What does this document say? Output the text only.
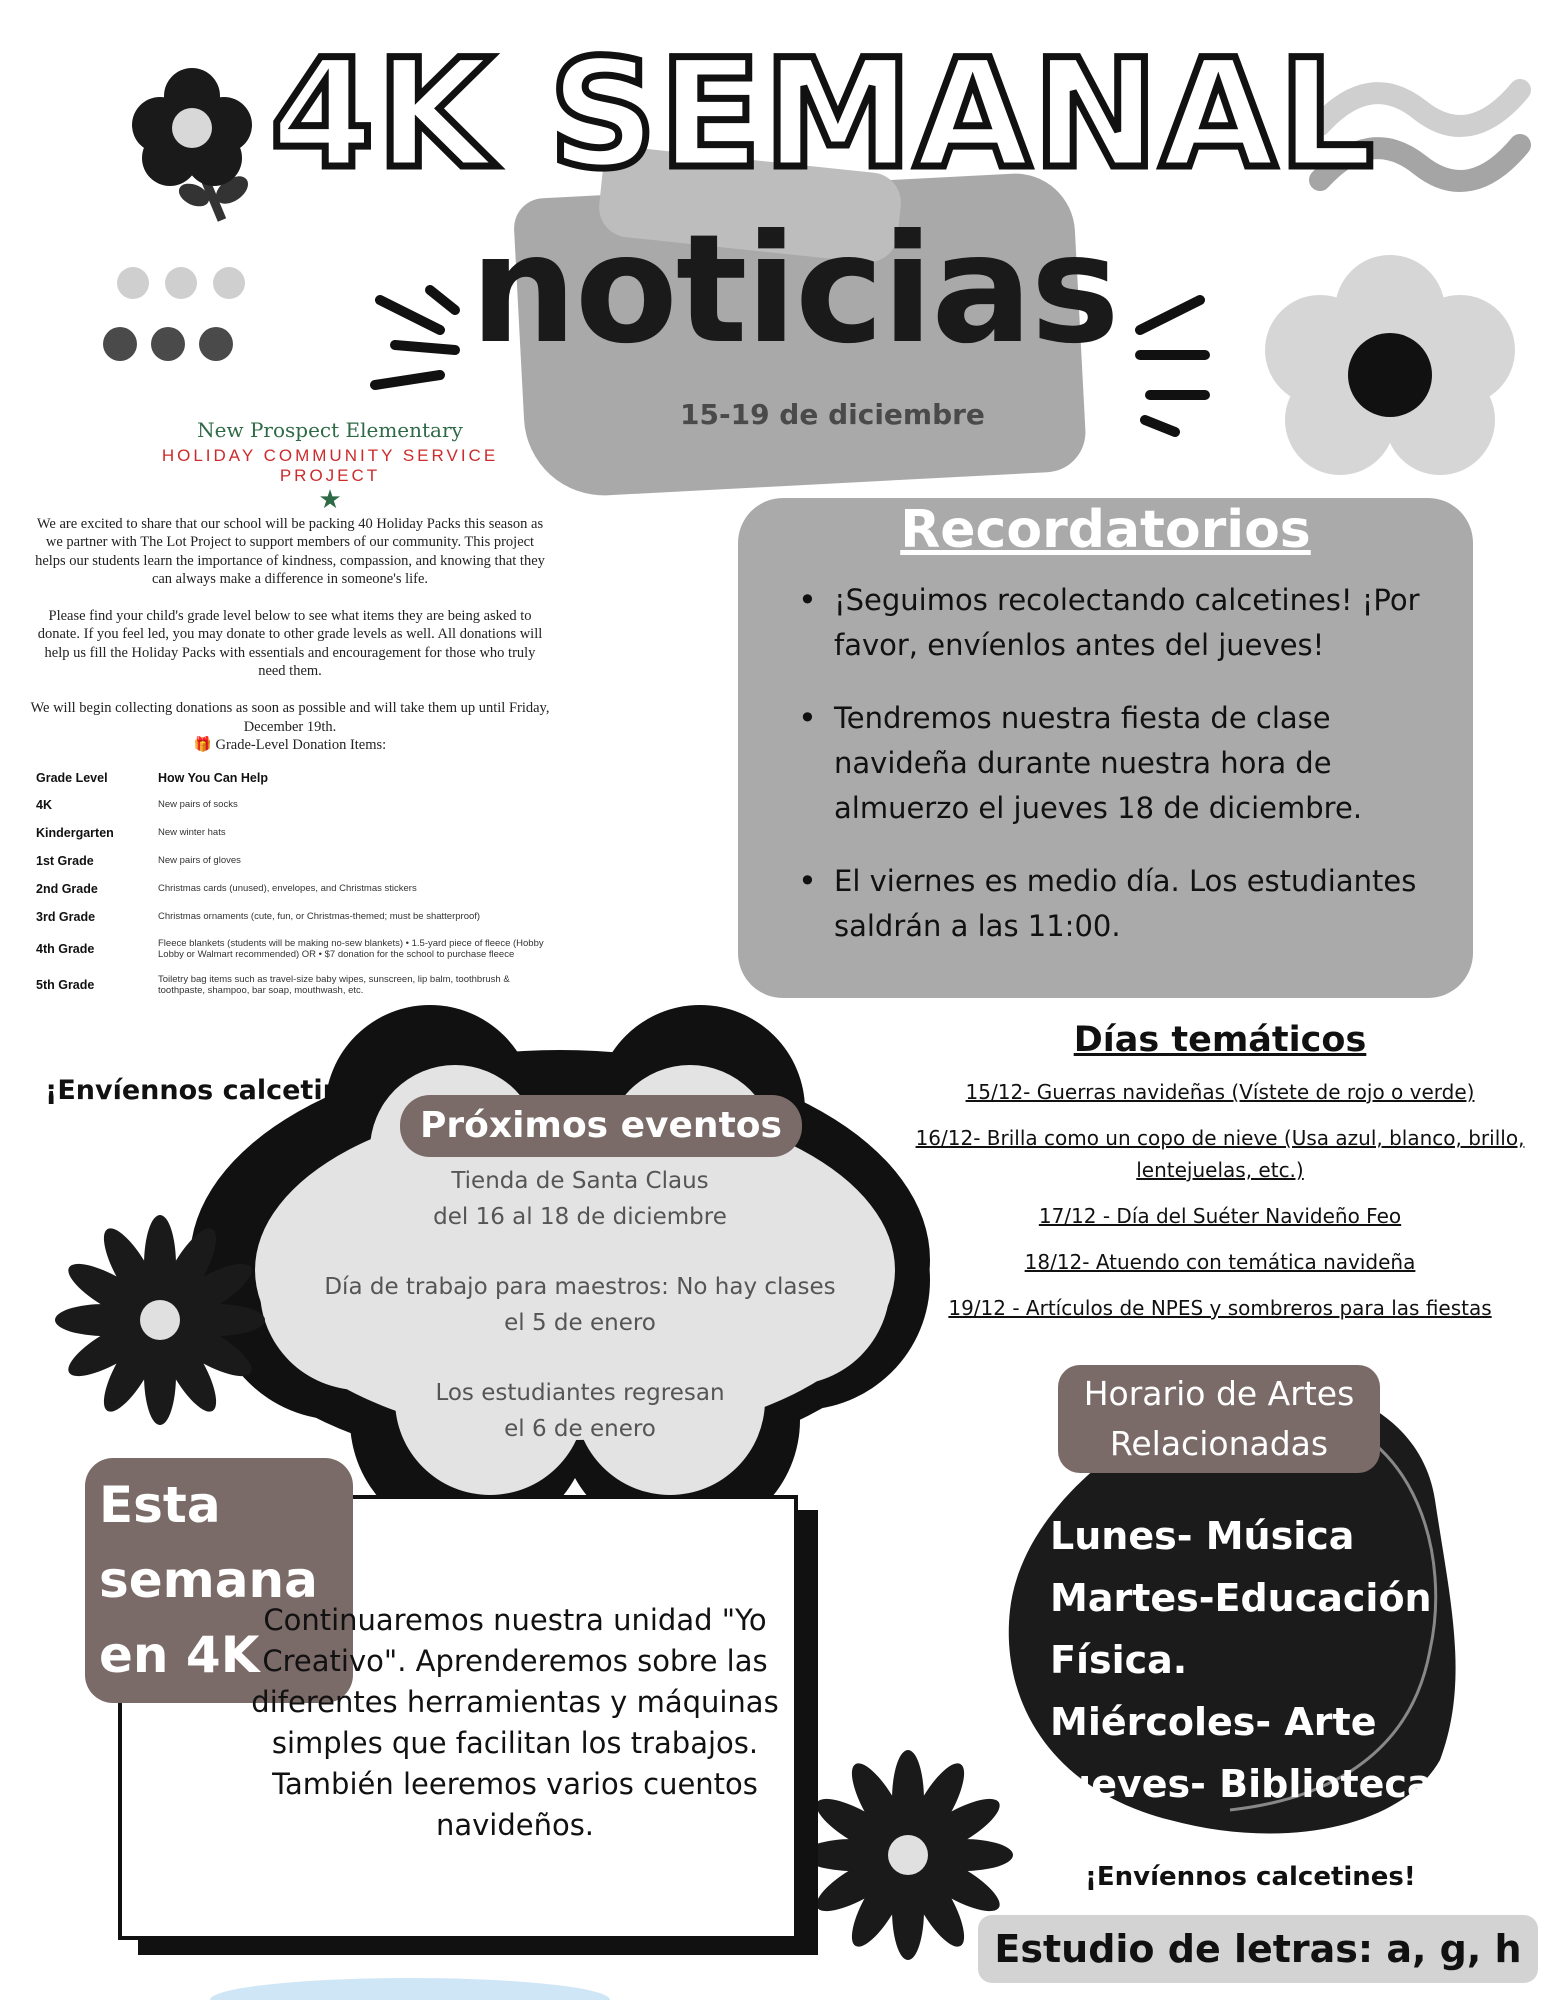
4K SEMANAL
noticias
15-19 de diciembre
New Prospect Elementary
HOLIDAY COMMUNITY SERVICE PROJECT
★

We are excited to share that our school will be packing 40 Holiday Packs this season as we partner with The Lot Project to support members of our community. This project helps our students learn the importance of kindness, compassion, and knowing that they can always make a difference in someone's life.

Please find your child's grade level below to see what items they are being asked to donate. If you feel led, you may donate to other grade levels as well. All donations will help us fill the Holiday Packs with essentials and encouragement for those who truly need them.

We will begin collecting donations as soon as possible and will take them up until Friday, December 19th.

🎁 Grade-Level Donation Items:

Grade Level	How You Can Help
4K	New pairs of socks
Kindergarten	New winter hats
1st Grade	New pairs of gloves
2nd Grade	Christmas cards (unused), envelopes, and Christmas stickers
3rd Grade	Christmas ornaments (cute, fun, or Christmas-themed; must be shatterproof)
4th Grade	Fleece blankets (students will be making no-sew blankets) • 1.5-yard piece of fleece (Hobby Lobby or Walmart recommended) OR • $7 donation for the school to purchase fleece
5th Grade	Toiletry bag items such as travel-size baby wipes, sunscreen, lip balm, toothbrush & toothpaste, shampoo, bar soap, mouthwash, etc.
Recordatorios
• ¡Seguimos recolectando calcetines! ¡Por favor, envíenlos antes del jueves!
• Tendremos nuestra fiesta de clase navideña durante nuestra hora de almuerzo el jueves 18 de diciembre.
• El viernes es medio día. Los estudiantes saldrán a las 11:00.
Días temáticos
15/12- Guerras navideñas (Vístete de rojo o verde)
16/12- Brilla como un copo de nieve (Usa azul, blanco, brillo, lentejuelas, etc.)
17/12 - Día del Suéter Navideño Feo
18/12- Atuendo con temática navideña
19/12 - Artículos de NPES y sombreros para las fiestas
¡Envíennos calcetines!
Próximos eventos
Tienda de Santa Claus
del 16 al 18 de diciembre
Día de trabajo para maestros: No hay clases
el 5 de enero
Los estudiantes regresan
el 6 de enero
Esta
semana
en 4K
Continuaremos nuestra unidad "Yo Creativo". Aprenderemos sobre las diferentes herramientas y máquinas simples que facilitan los trabajos. También leeremos varios cuentos navideños.
Horario de Artes
Relacionadas
Lunes- Música
Martes-Educación
Física.
Miércoles- Arte
Jueves- Biblioteca
¡Envíennos calcetines!
Estudio de letras: a, g, h
